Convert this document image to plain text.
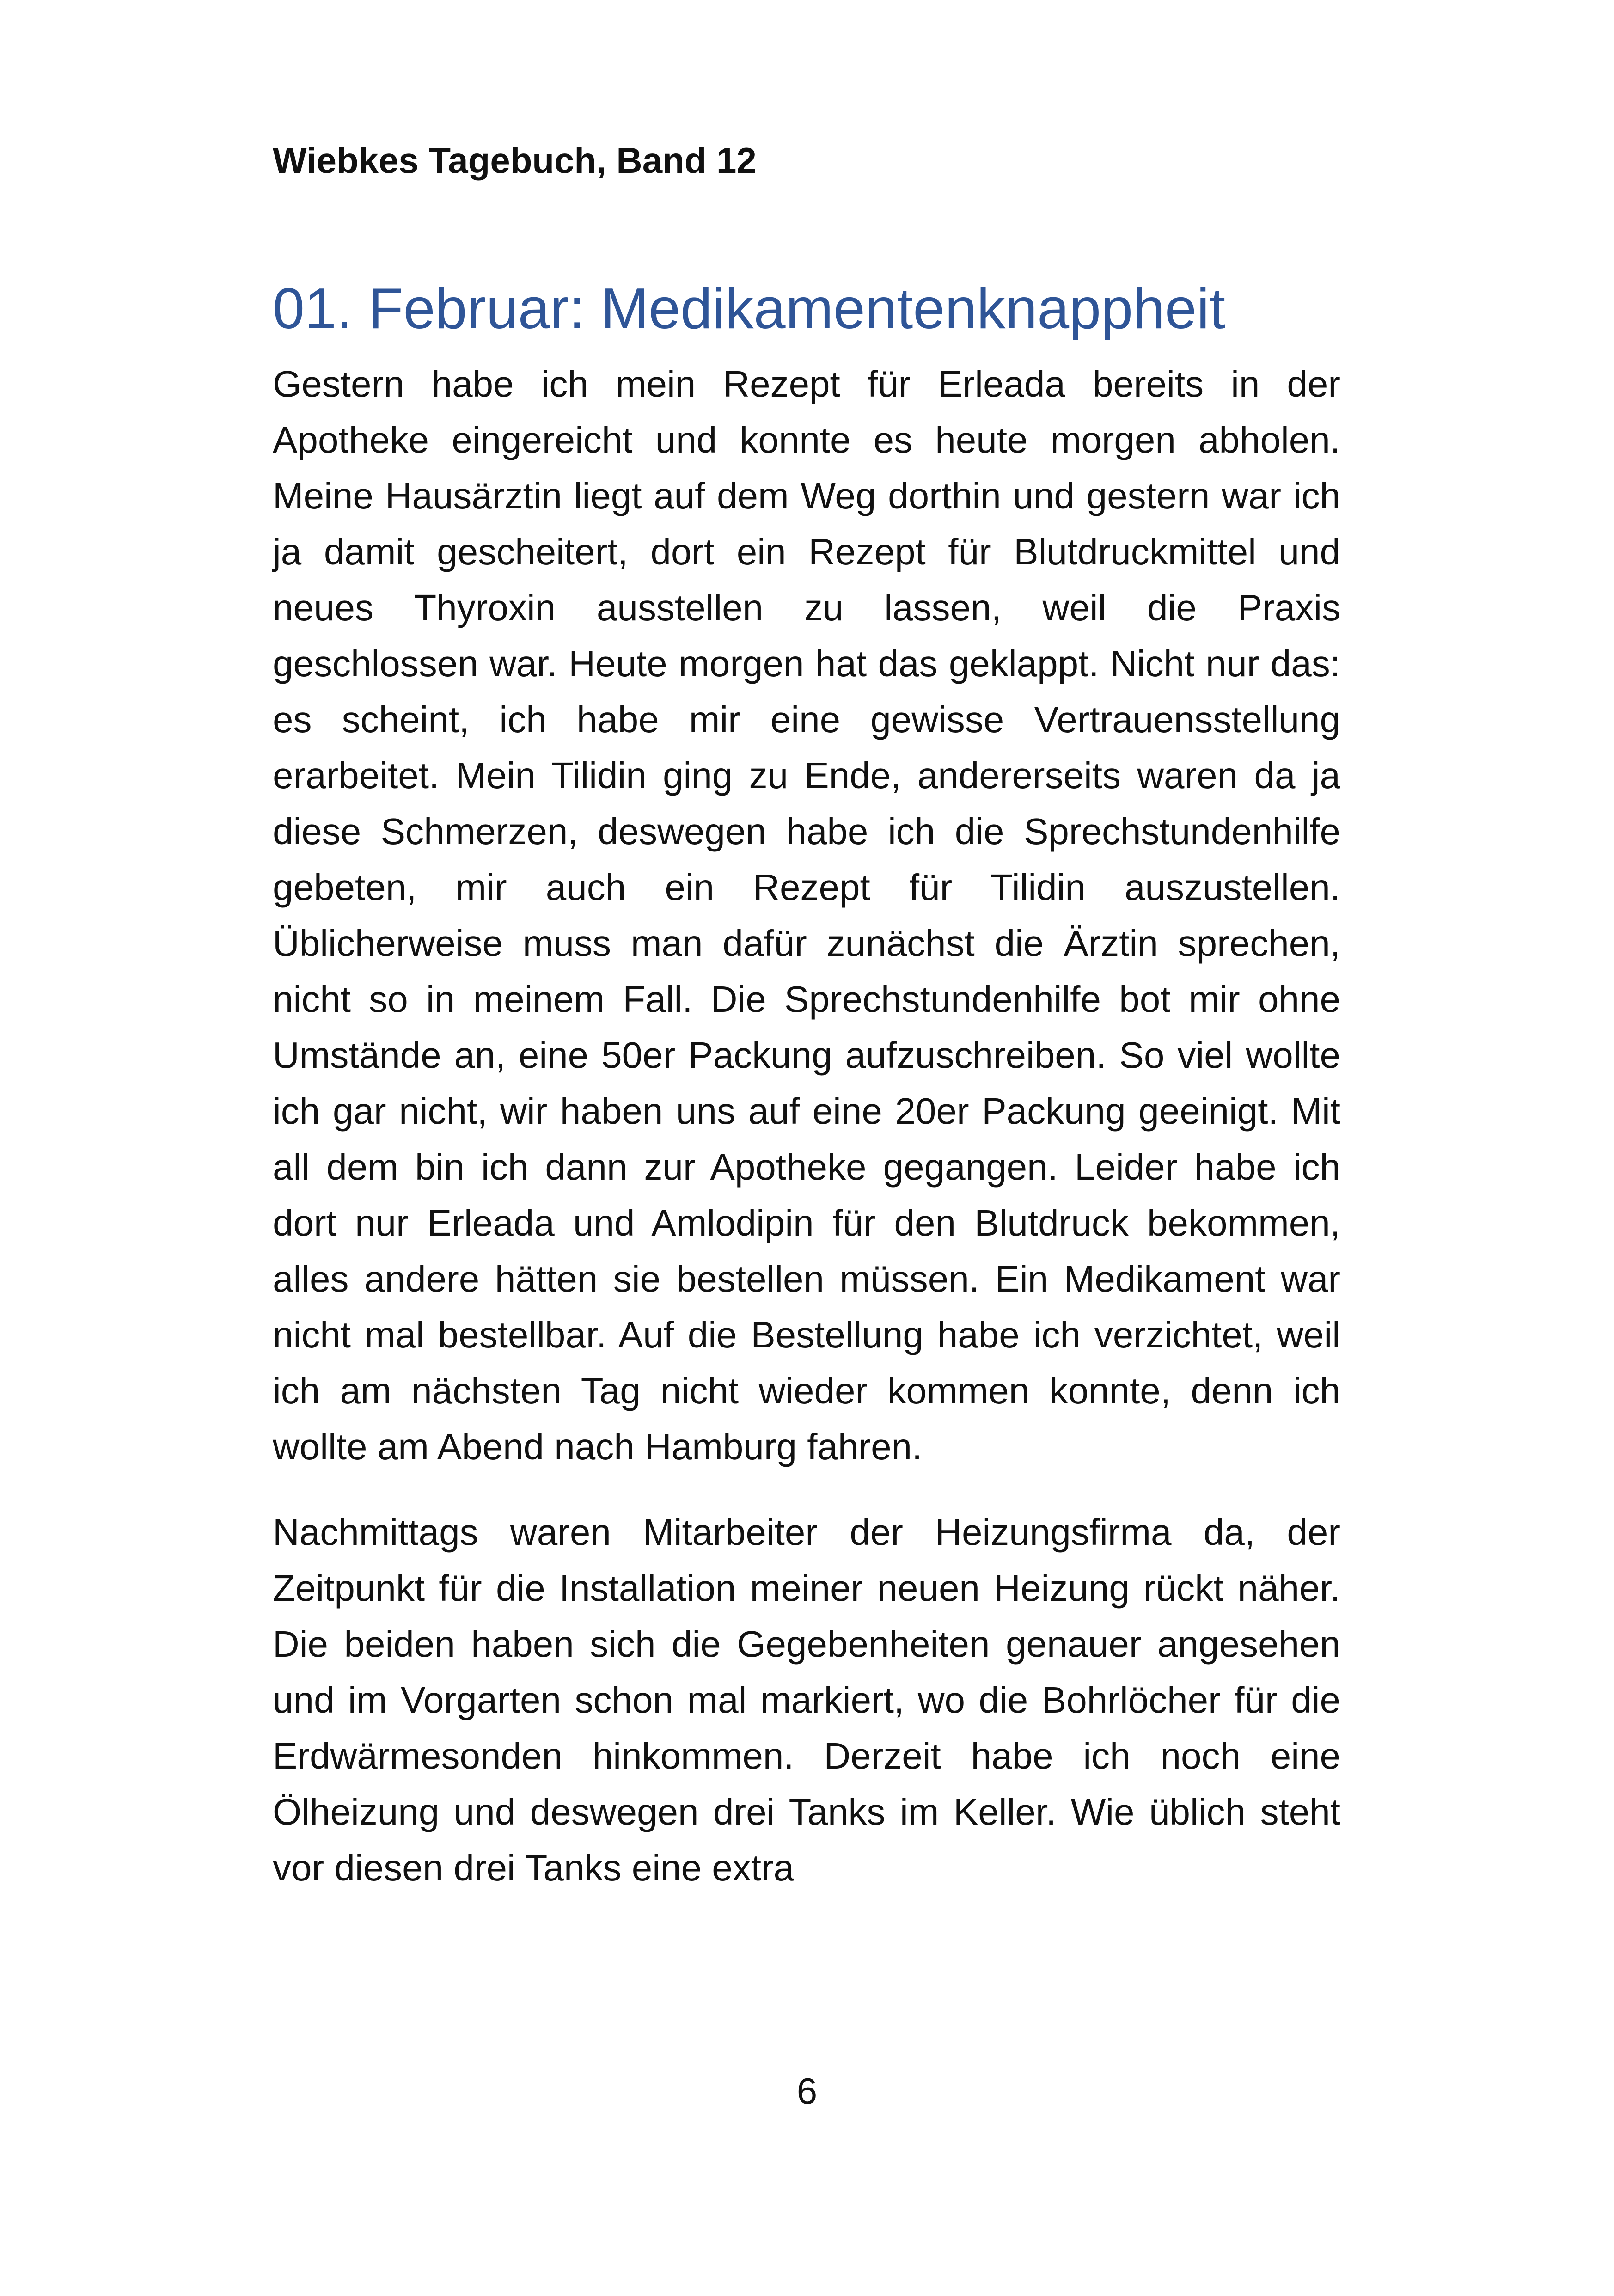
Wiebkes Tagebuch, Band 12
01. Februar: Medikamentenknappheit

Gestern habe ich mein Rezept für Erleada bereits in der Apotheke eingereicht und konnte es heute morgen abholen. Meine Hausärztin liegt auf dem Weg dorthin und gestern war ich ja damit gescheitert, dort ein Rezept für Blutdruckmittel und neues Thyroxin ausstellen zu lassen, weil die Praxis geschlossen war. Heute morgen hat das geklappt. Nicht nur das: es scheint, ich habe mir eine gewisse Vertrauensstellung erarbeitet. Mein Tilidin ging zu Ende, andererseits waren da ja diese Schmerzen, deswegen habe ich die Sprechstundenhilfe gebeten, mir auch ein Rezept für Tilidin auszustellen. Üblicherweise muss man dafür zunächst die Ärztin sprechen, nicht so in meinem Fall. Die Sprechstundenhilfe bot mir ohne Umstände an, eine 50er Packung aufzuschreiben. So viel wollte ich gar nicht, wir haben uns auf eine 20er Packung geeinigt. Mit all dem bin ich dann zur Apotheke gegangen. Leider habe ich dort nur Erleada und Amlodipin für den Blutdruck bekommen, alles andere hätten sie bestellen müssen. Ein Medikament war nicht mal bestellbar. Auf die Bestellung habe ich verzichtet, weil ich am nächsten Tag nicht wieder kommen konnte, denn ich wollte am Abend nach Hamburg fahren.

Nachmittags waren Mitarbeiter der Heizungsfirma da, der Zeitpunkt für die Installation meiner neuen Heizung rückt näher. Die beiden haben sich die Gegebenheiten genauer angesehen und im Vorgarten schon mal markiert, wo die Bohrlöcher für die Erdwärmesonden hinkommen. Derzeit habe ich noch eine Ölheizung und deswegen drei Tanks im Keller. Wie üblich steht vor diesen drei Tanks eine extra

6
